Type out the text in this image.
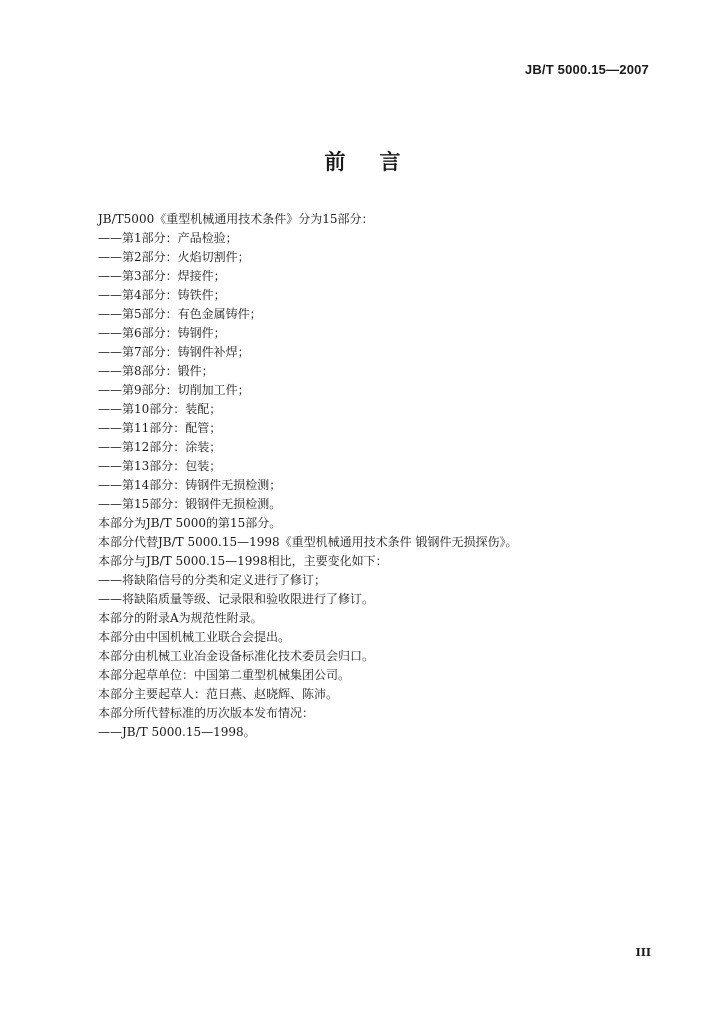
JB/T 5000.15—2007
前言
JB/T5000《重型机械通用技术条件》分为15部分：
——第1部分：产品检验；
——第2部分：火焰切割件；
——第3部分：焊接件；
——第4部分：铸铁件；
——第5部分：有色金属铸件；
——第6部分：铸钢件；
——第7部分：铸钢件补焊；
——第8部分：锻件；
——第9部分：切削加工件；
——第10部分：装配；
——第11部分：配管；
——第12部分：涂装；
——第13部分：包装；
——第14部分：铸钢件无损检测；
——第15部分：锻钢件无损检测。
本部分为JB/T 5000的第15部分。
本部分代替JB/T 5000.15—1998《重型机械通用技术条件 锻钢件无损探伤》。
本部分与JB/T 5000.15—1998相比，主要变化如下：
——将缺陷信号的分类和定义进行了修订；
——将缺陷质量等级、记录限和验收限进行了修订。
本部分的附录A为规范性附录。
本部分由中国机械工业联合会提出。
本部分由机械工业冶金设备标准化技术委员会归口。
本部分起草单位：中国第二重型机械集团公司。
本部分主要起草人：范日燕、赵晓辉、陈沛。
本部分所代替标准的历次版本发布情况：
——JB/T 5000.15—1998。
III
